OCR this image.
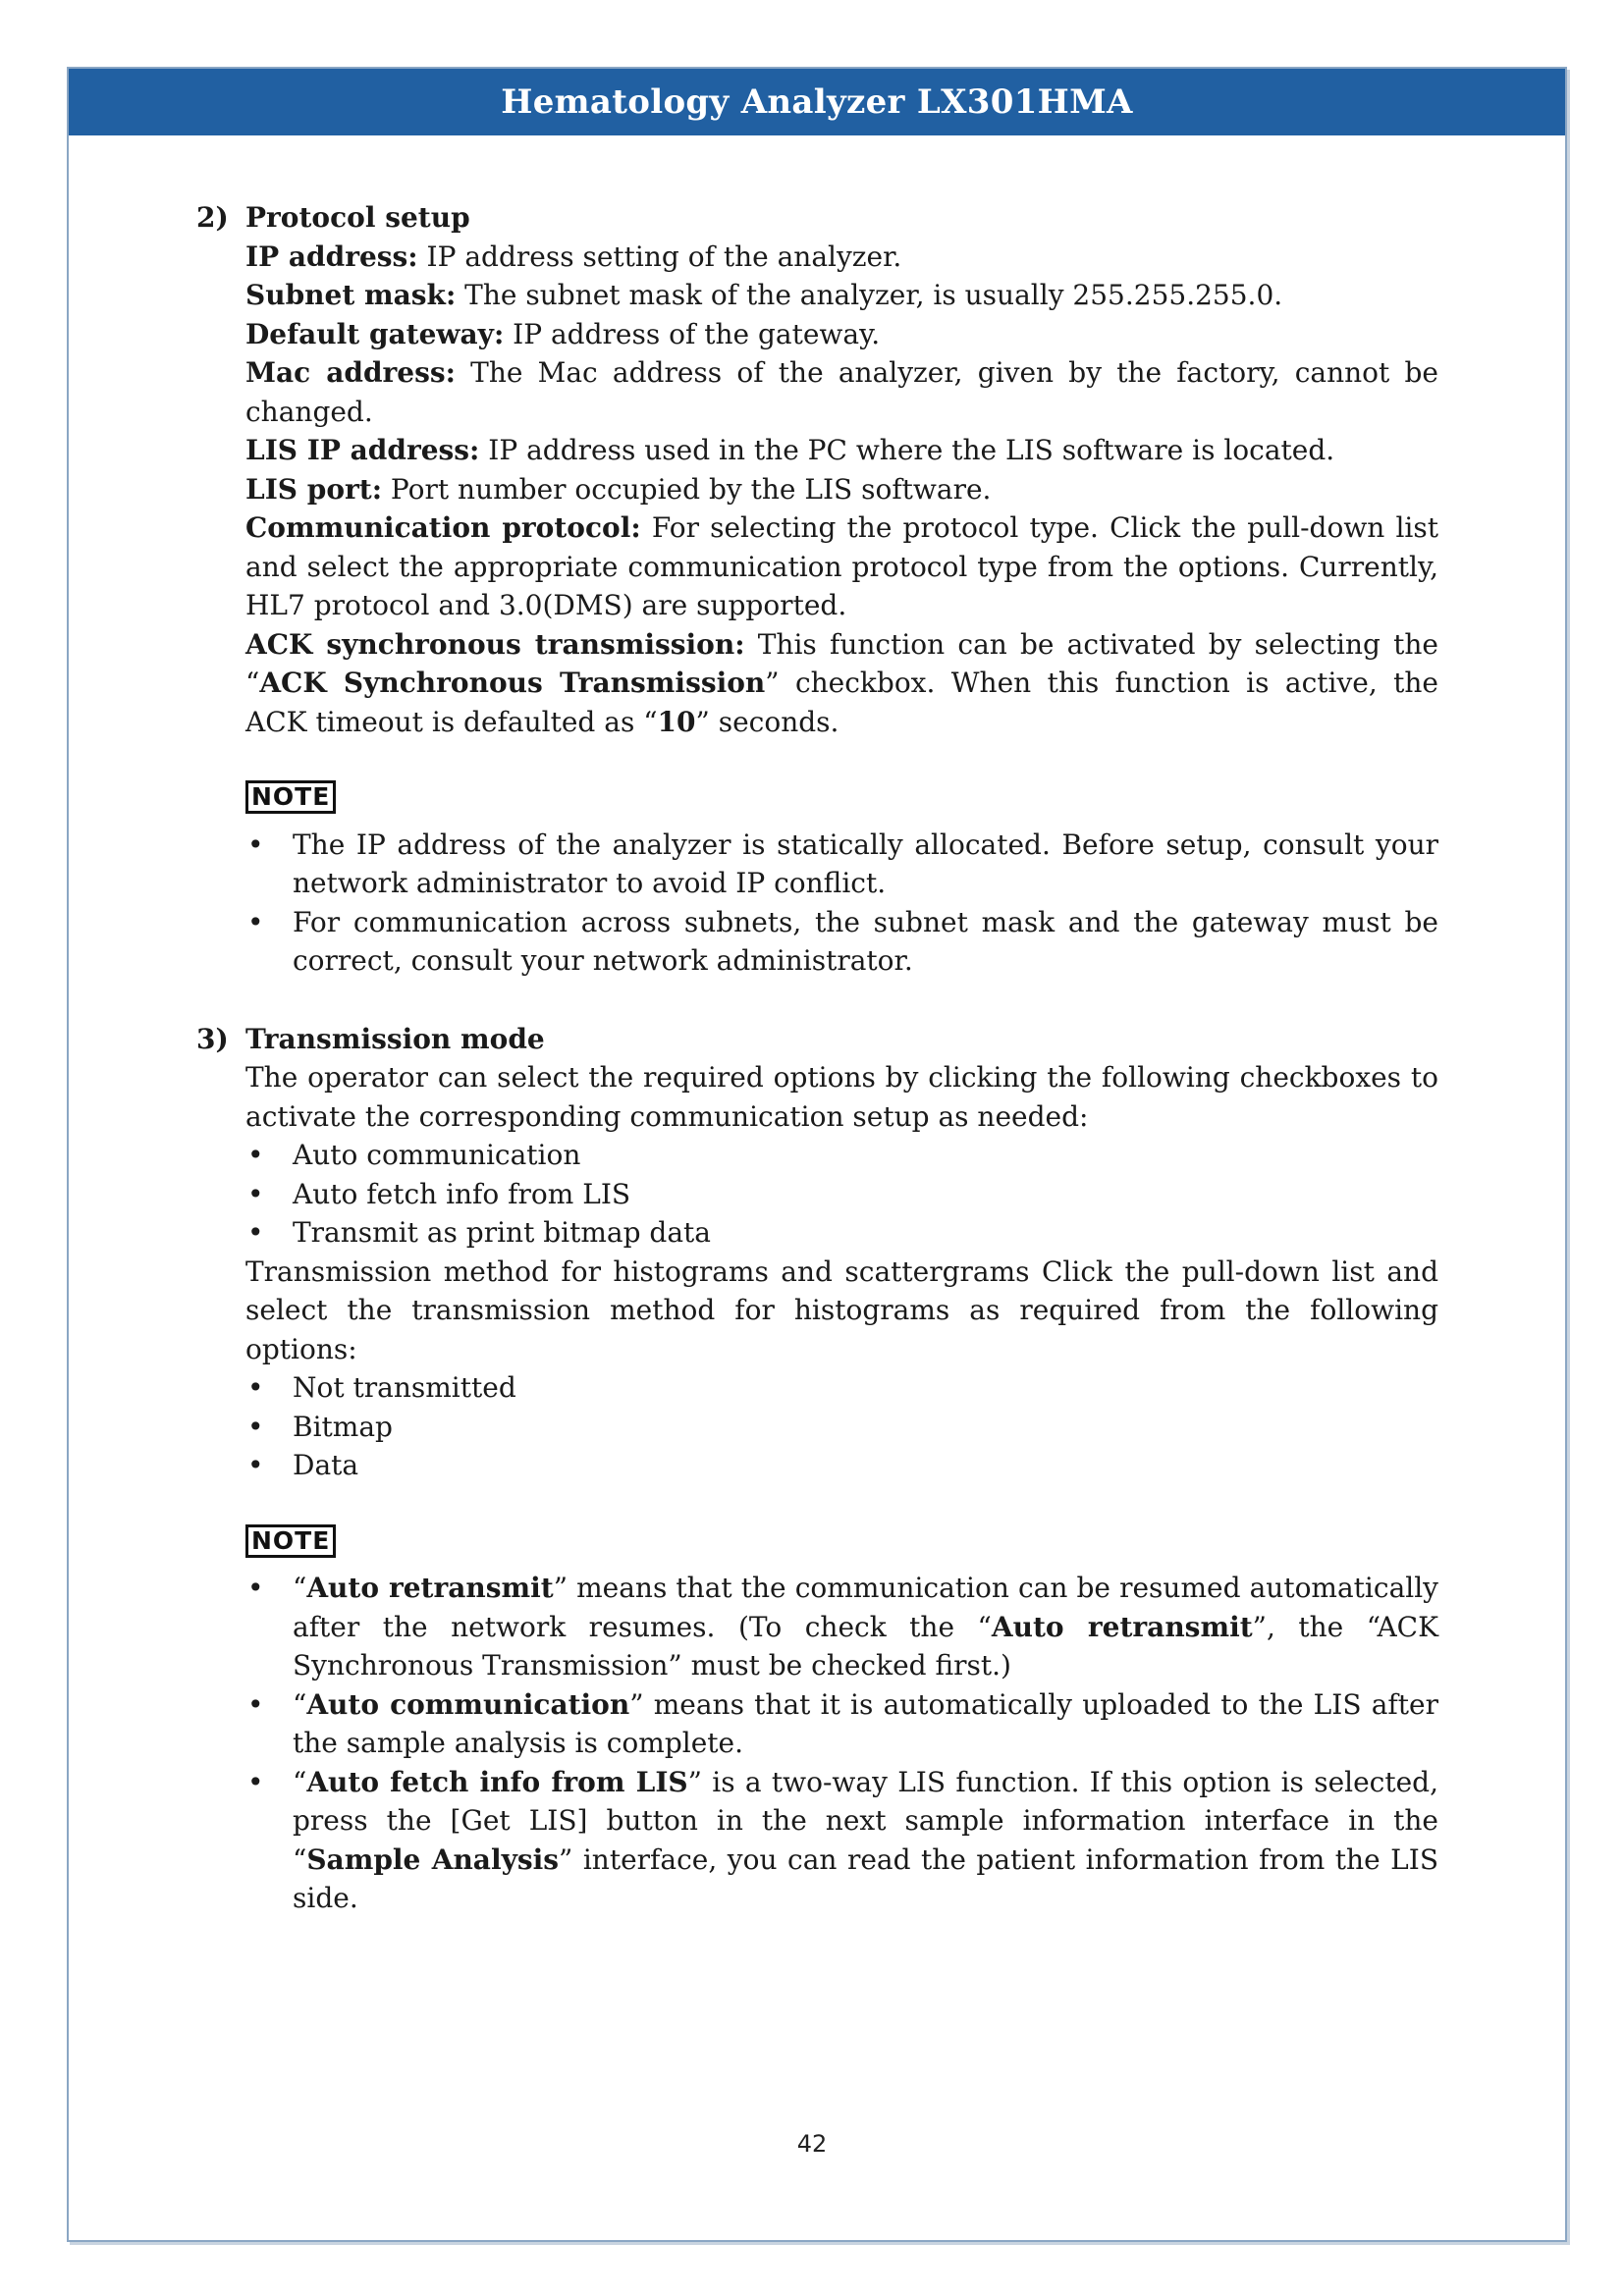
Hematology Analyzer LX301HMA
2) Protocol setup

IP address: IP address setting of the analyzer.

Subnet mask: The subnet mask of the analyzer, is usually 255.255.255.0.

Default gateway: IP address of the gateway.

Mac address: The Mac address of the analyzer, given by the factory, cannot be changed.

LIS IP address: IP address used in the PC where the LIS software is located.

LIS port: Port number occupied by the LIS software.

Communication protocol: For selecting the protocol type. Click the pull-down list and select the appropriate communication protocol type from the options. Currently, HL7 protocol and 3.0(DMS) are supported.

ACK synchronous transmission: This function can be activated by selecting the “ACK Synchronous Transmission” checkbox. When this function is active, the ACK timeout is defaulted as “10” seconds.

NOTE
• The IP address of the analyzer is statically allocated. Before setup, consult your network administrator to avoid IP conflict.
• For communication across subnets, the subnet mask and the gateway must be correct, consult your network administrator.
3) Transmission mode

The operator can select the required options by clicking the following checkboxes to activate the corresponding communication setup as needed:

• Auto communication
• Auto fetch info from LIS
• Transmit as print bitmap data

Transmission method for histograms and scattergrams Click the pull-down list and select the transmission method for histograms as required from the following options:

• Not transmitted
• Bitmap
• Data
NOTE
• “Auto retransmit” means that the communication can be resumed automatically after the network resumes. (To check the “Auto retransmit”, the “ACK Synchronous Transmission” must be checked first.)
• “Auto communication” means that it is automatically uploaded to the LIS after the sample analysis is complete.
• “Auto fetch info from LIS” is a two-way LIS function. If this option is selected, press the [Get LIS] button in the next sample information interface in the “Sample Analysis” interface, you can read the patient information from the LIS side.
42
